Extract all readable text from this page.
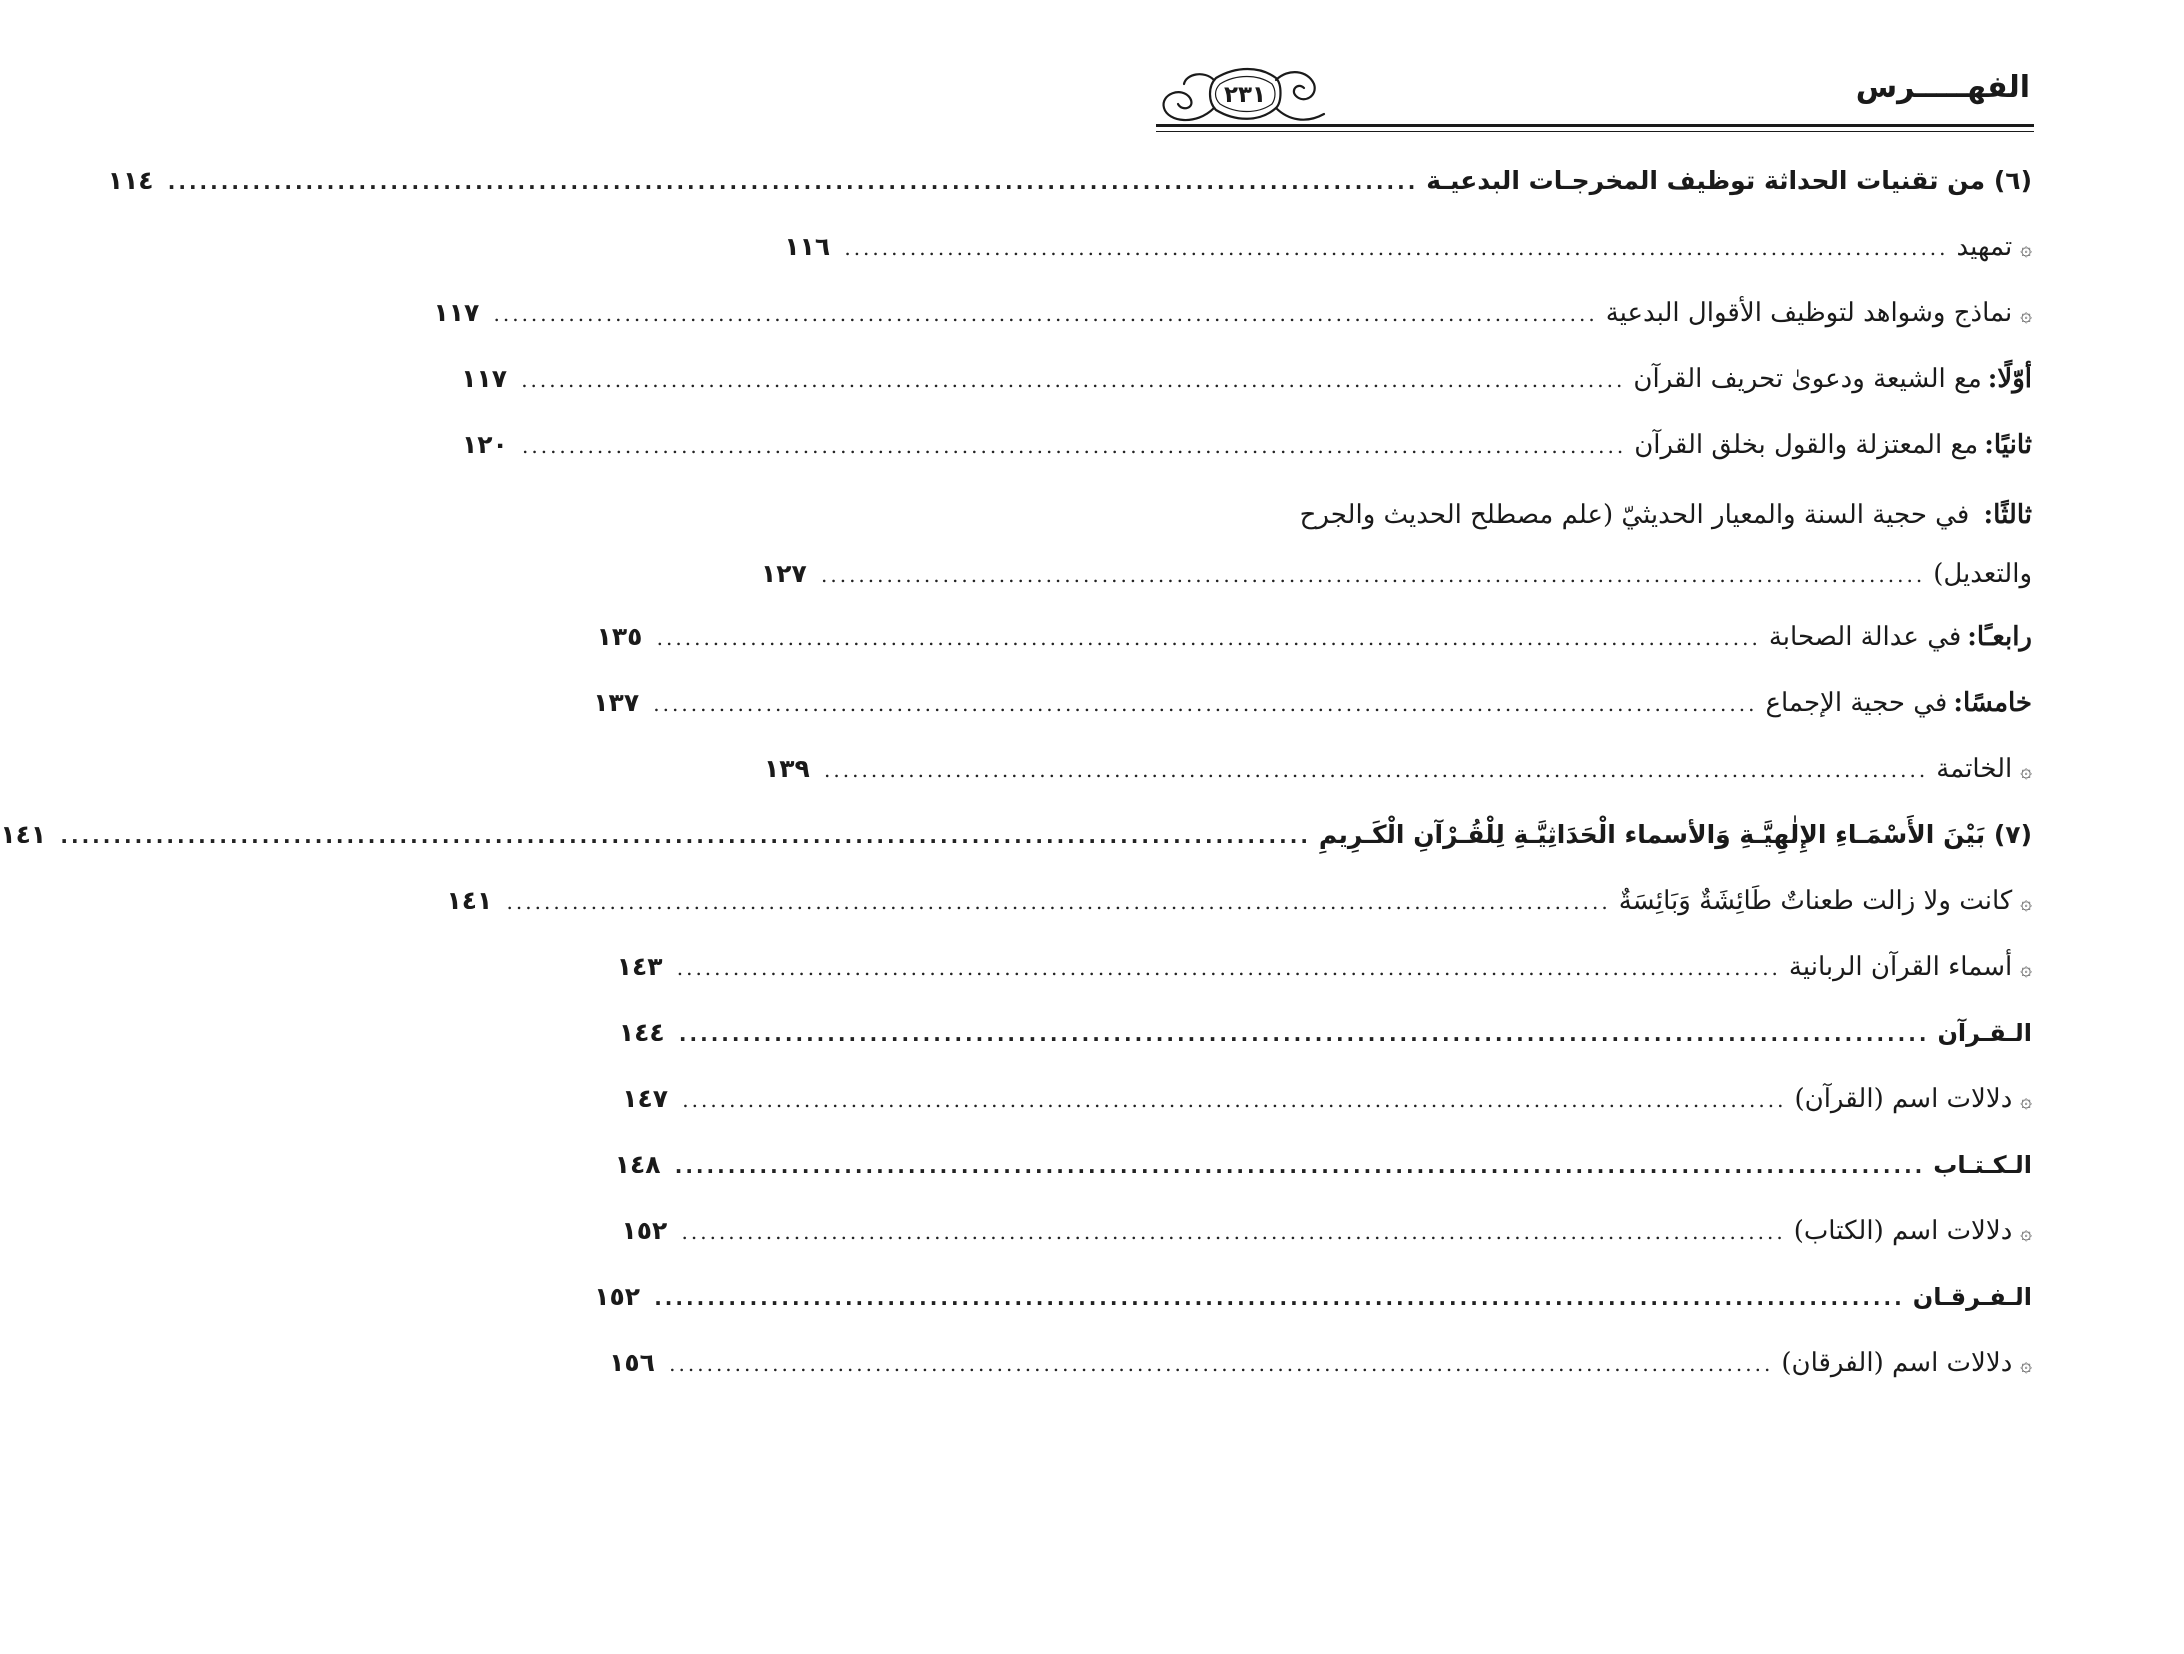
الفهـــــرس
٢٣١
(٦) من تقنيات الحداثة توظيف المخرجـات البدعيـة
......................................................................................................................
١١٤
۞
تمهيد
......................................................................................................................
١١٦
۞
نماذج وشواهد لتوظيف الأقوال البدعية
......................................................................................................................
١١٧
أوّلًا:
مع الشيعة ودعوىٰ تحريف القرآن
......................................................................................................................
١١٧
ثانيًا:
مع المعتزلة والقول بخلق القرآن
......................................................................................................................
١٢٠
ثالثًا: في حجية السنة والمعيار الحديثيّ (علم مصطلح الحديث والجرح
والتعديل)
......................................................................................................................
١٢٧
رابعـًا:
في عدالة الصحابة
......................................................................................................................
١٣٥
خامسًا:
في حجية الإجماع
......................................................................................................................
١٣٧
۞
الخاتمة
......................................................................................................................
١٣٩
(٧) بَيْنَ الأَسْمَـاءِ الإِلٰهِيَّـةِ وَالأسماء الْحَدَاثِيَّـةِ لِلْقُـرْآنِ الْكَـرِيمِ
......................................................................................................................
١٤١
۞
كانت ولا زالت طعناتٌ طَائِشَةٌ وَبَائِسَةٌ
......................................................................................................................
١٤١
۞
أسماء القرآن الربانية
......................................................................................................................
١٤٣
الـقـرآن
......................................................................................................................
١٤٤
۞
دلالات اسم (القرآن)
......................................................................................................................
١٤٧
الـكـتـاب
......................................................................................................................
١٤٨
۞
دلالات اسم (الكتاب)
......................................................................................................................
١٥٢
الـفـرقـان
......................................................................................................................
١٥٢
۞
دلالات اسم (الفرقان)
......................................................................................................................
١٥٦
